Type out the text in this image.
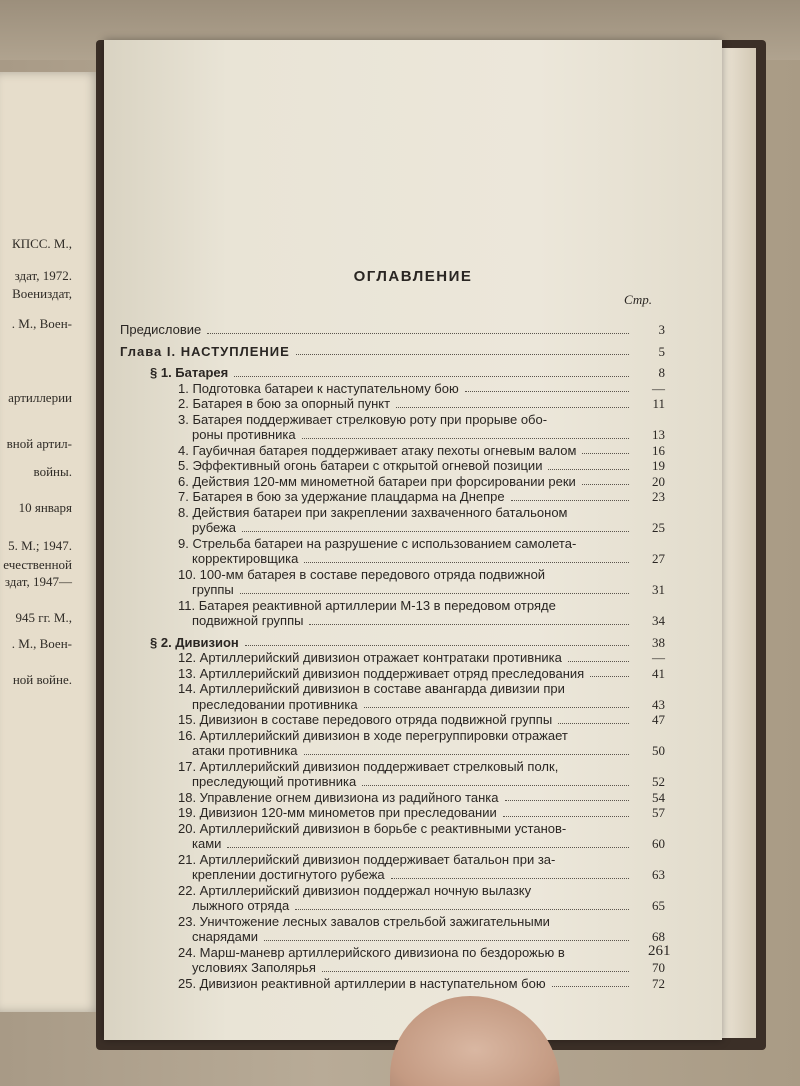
КПСС. М.,
здат, 1972.
Воениздат,
. М., Воен-
артиллерии
вной артил-
войны.
10 января
5. М.; 1947.
ечественной
здат, 1947—
945 гг. М.,
. М., Воен-
ной войне.
ОГЛАВЛЕНИЕ
Стр.
Предисловие	3
Глава I. НАСТУПЛЕНИЕ	5
§ 1. Батарея	8
1. Подготовка батареи к наступательному бою	—
2. Батарея в бою за опорный пункт	11
3. Батарея поддерживает стрелковую роту при прорыве обо-
роны противника	13
4. Гаубичная батарея поддерживает атаку пехоты огневым валом	16
5. Эффективный огонь батареи с открытой огневой позиции	19
6. Действия 120-мм минометной батареи при форсировании реки	20
7. Батарея в бою за удержание плацдарма на Днепре	23
8. Действия батареи при закреплении захваченного батальоном
рубежа	25
9. Стрельба батареи на разрушение с использованием самолета-
корректировщика	27
10. 100-мм батарея в составе передового отряда подвижной
группы	31
11. Батарея реактивной артиллерии М-13 в передовом отряде
подвижной группы	34
§ 2. Дивизион	38
12. Артиллерийский дивизион отражает контратаки противника	—
13. Артиллерийский дивизион поддерживает отряд преследования	41
14. Артиллерийский дивизион в составе авангарда дивизии при
преследовании противника	43
15. Дивизион в составе передового отряда подвижной группы	47
16. Артиллерийский дивизион в ходе перегруппировки отражает
атаки противника	50
17. Артиллерийский дивизион поддерживает стрелковый полк,
преследующий противника	52
18. Управление огнем дивизиона из радийного танка	54
19. Дивизион 120-мм минометов при преследовании	57
20. Артиллерийский дивизион в борьбе с реактивными установ-
ками	60
21. Артиллерийский дивизион поддерживает батальон при за-
креплении достигнутого рубежа	63
22. Артиллерийский дивизион поддержал ночную вылазку
лыжного отряда	65
23. Уничтожение лесных завалов стрельбой зажигательными
снарядами	68
24. Марш-маневр артиллерийского дивизиона по бездорожью в
условиях Заполярья	70
25. Дивизион реактивной артиллерии в наступательном бою	72
261
